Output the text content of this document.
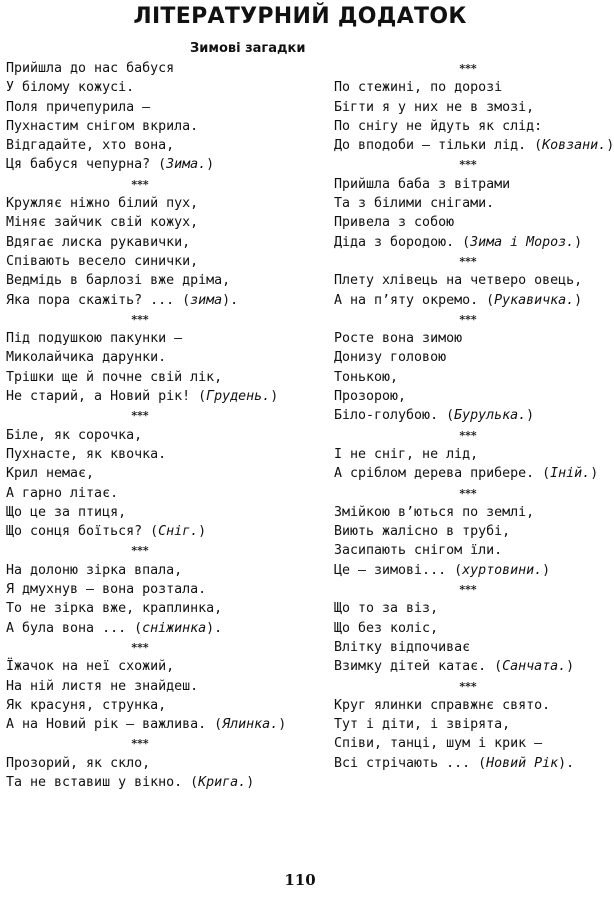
ЛІТЕРАТУРНИЙ ДОДАТОК
Зимові загадки
Прийшла до нас бабуся
У білому кожусі.
Поля причепурила —
Пухнастим снігом вкрила.
Відгадайте, хто вона,
Ця бабуся чепурна? (Зима.)
***
Кружляє ніжно білий пух,
Міняє зайчик свій кожух,
Вдягає лиска рукавички,
Співають весело синички,
Ведмідь в барлозі вже дріма,
Яка пора скажіть? ... (зима).
***
Під подушкою пакунки —
Миколайчика дарунки.
Трішки ще й почне свій лік,
Не старий, а Новий рік! (Грудень.)
***
Біле, як сорочка,
Пухнасте, як квочка.
Крил немає,
А гарно літає.
Що це за птиця,
Що сонця боїться? (Сніг.)
***
На долоню зірка впала,
Я дмухнув — вона розтала.
То не зірка вже, краплинка,
А була вона ... (сніжинка).
***
Їжачок на неї схожий,
На ній листя не знайдеш.
Як красуня, струнка,
А на Новий рік — важлива. (Ялинка.)
***
Прозорий, як скло,
Та не вставиш у вікно. (Крига.)
***
По стежині, по дорозі
Бігти я у них не в змозі,
По снігу не йдуть як слід:
До вподоби — тільки лід. (Ковзани.)
***
Прийшла баба з вітрами
Та з білими снігами.
Привела з собою
Діда з бородою. (Зима і Мороз.)
***
Плету хлівець на четверо овець,
А на п’яту окремо. (Рукавичка.)
***
Росте вона зимою
Донизу головою
Тонькою,
Прозорою,
Біло-голубою. (Бурулька.)
***
І не сніг, не лід,
А сріблом дерева прибере. (Іній.)
***
Змійкою в’ються по землі,
Виють жалісно в трубі,
Засипають снігом їли.
Це – зимові... (хуртовини.)
***
Що то за віз,
Що без коліс,
Влітку відпочиває
Взимку дітей катає. (Санчата.)
***
Круг ялинки справжнє свято.
Тут і діти, і звірята,
Співи, танці, шум і крик —
Всі стрічають ... (Новий Рік).
110
